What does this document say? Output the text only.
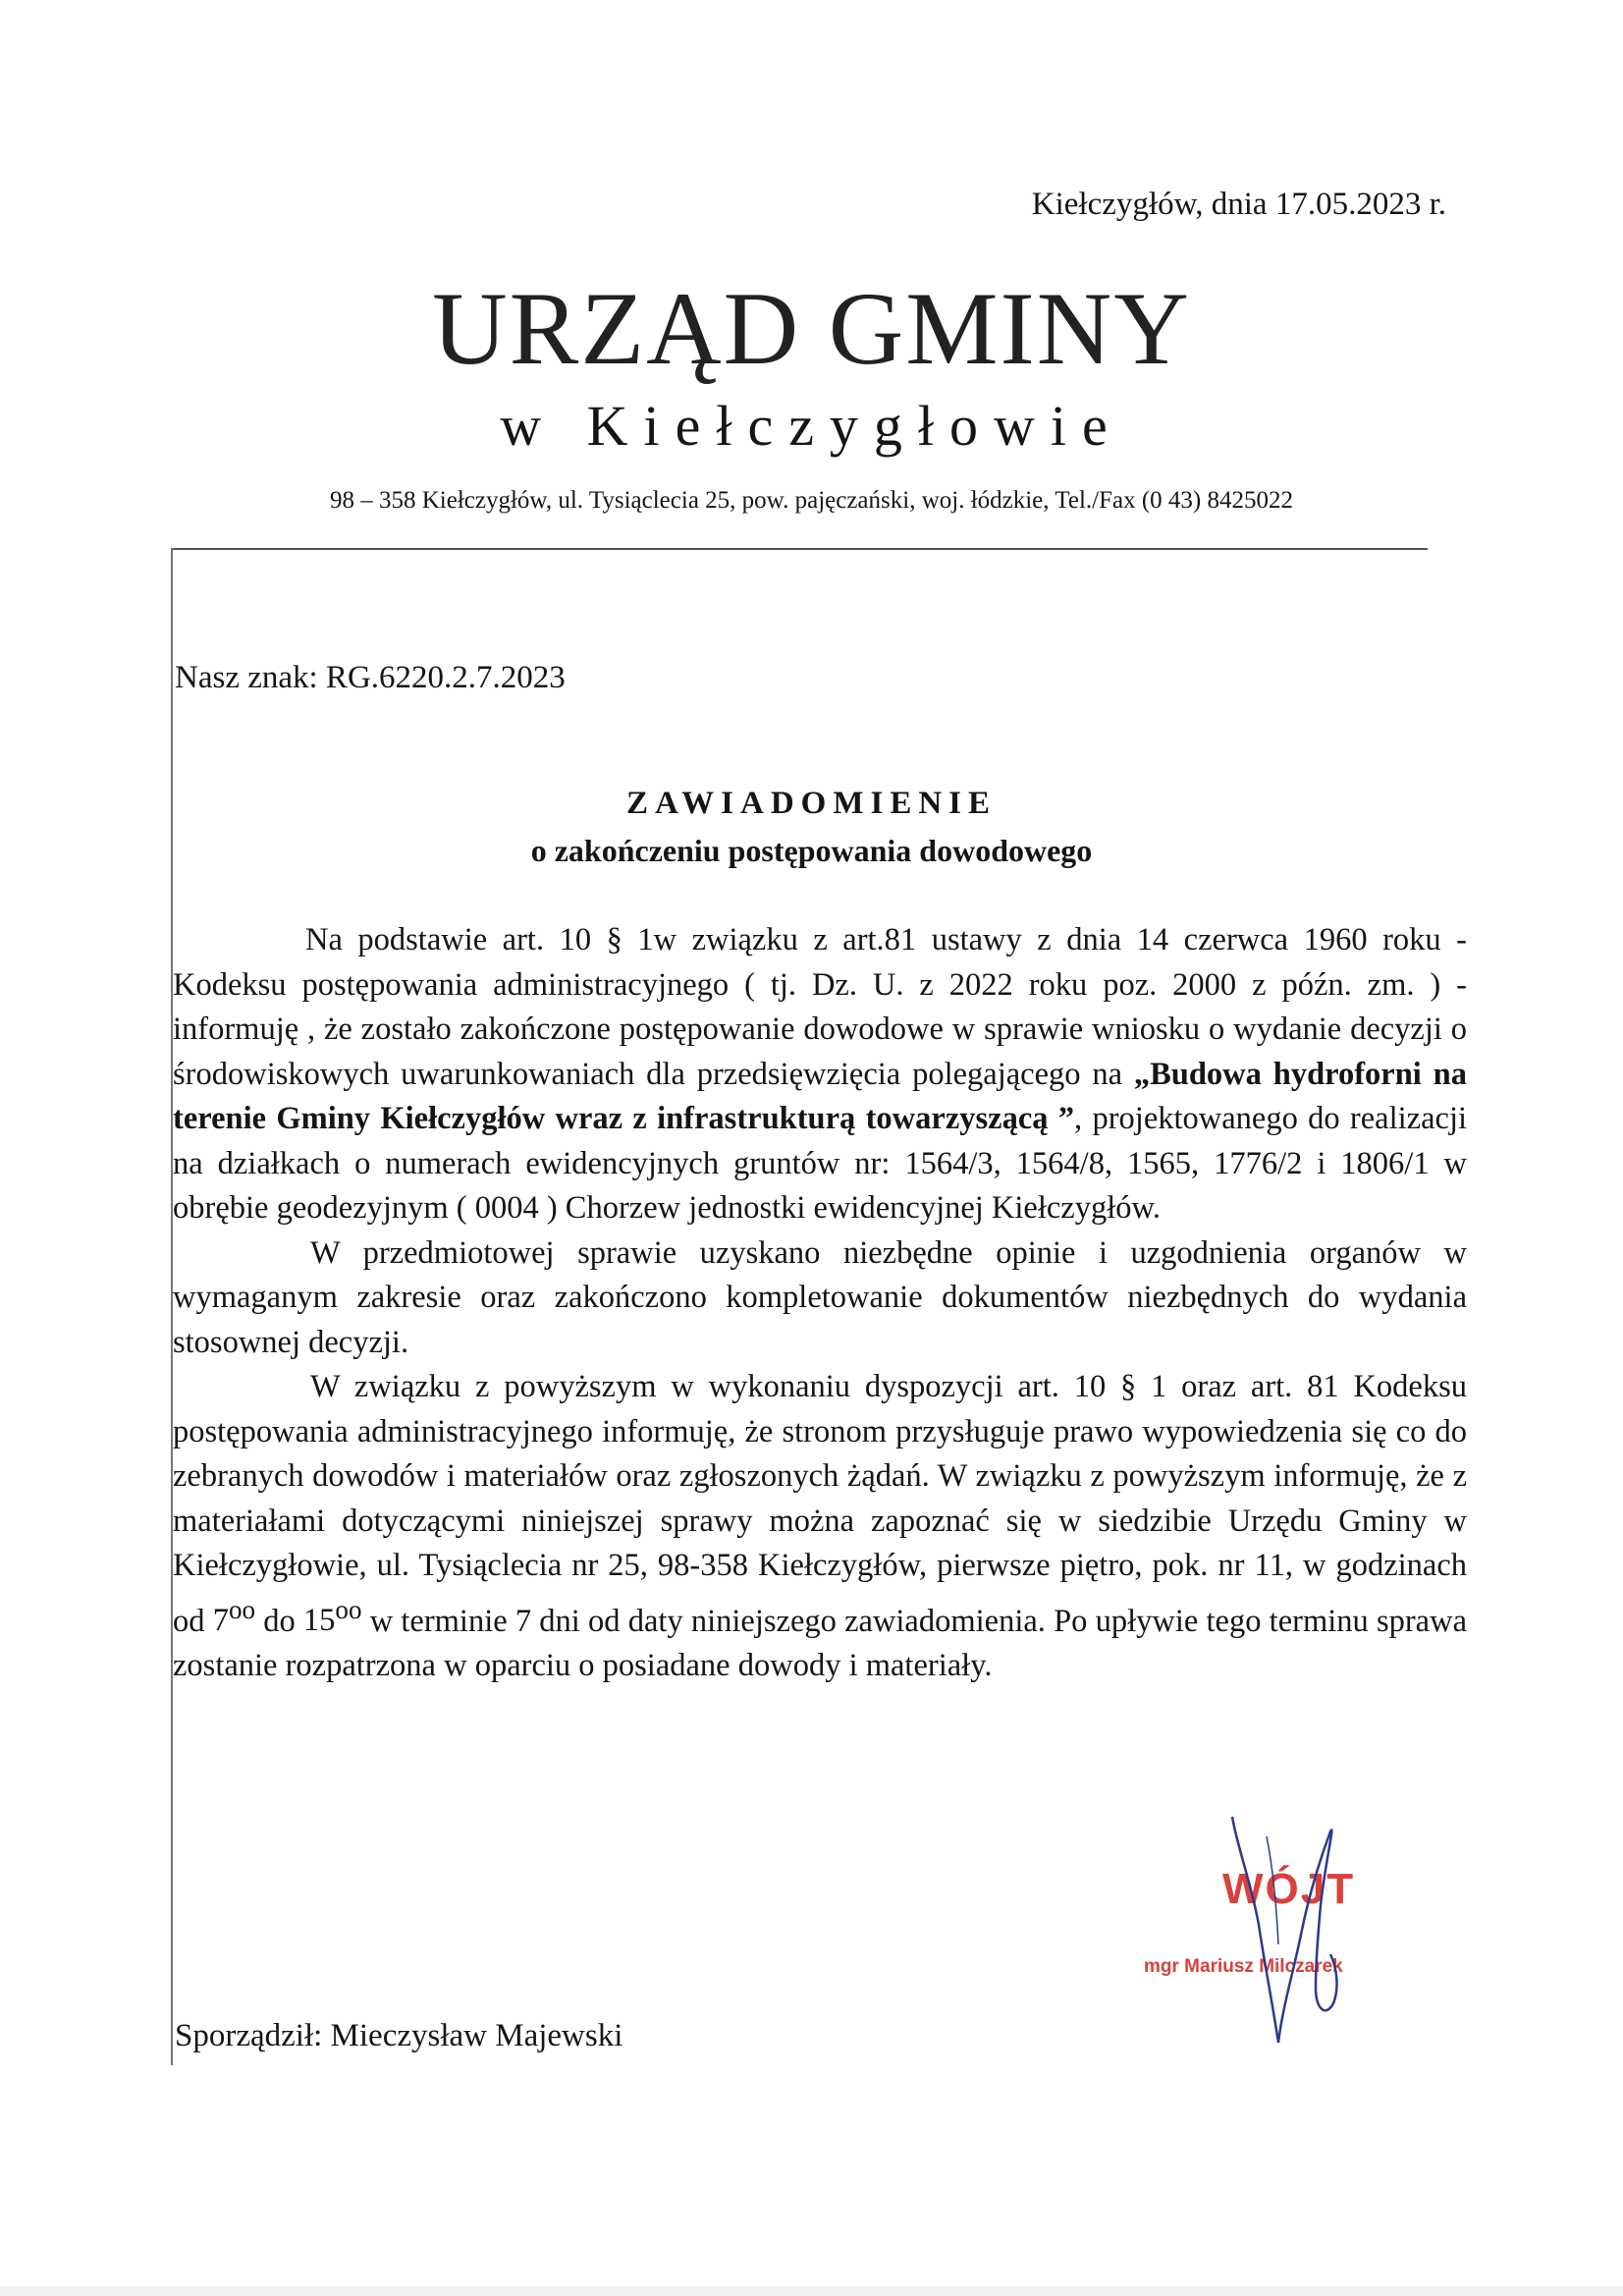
Kiełczygłów, dnia 17.05.2023 r.
URZĄD GMINY
w Kiełczygłowie
98 – 358 Kiełczygłów, ul. Tysiąclecia 25, pow. pajęczański, woj. łódzkie, Tel./Fax (0 43) 8425022
Nasz znak: RG.6220.2.7.2023
ZAWIADOMIENIE
o zakończeniu postępowania dowodowego

Na podstawie art. 10 § 1w związku z art.81 ustawy z dnia 14 czerwca 1960 roku - Kodeksu postępowania administracyjnego ( tj. Dz. U. z 2022 roku poz. 2000 z późn. zm. ) - informuję , że zostało zakończone postępowanie dowodowe w sprawie wniosku o wydanie decyzji o środowiskowych uwarunkowaniach dla przedsięwzięcia polegającego na „Budowa hydroforni na terenie Gminy Kiełczygłów wraz z infrastrukturą towarzyszącą ”, projektowanego do realizacji na działkach o numerach ewidencyjnych gruntów nr: 1564/3, 1564/8, 1565, 1776/2 i 1806/1 w obrębie geodezyjnym ( 0004 ) Chorzew jednostki ewidencyjnej Kiełczygłów.

W przedmiotowej sprawie uzyskano niezbędne opinie i uzgodnienia organów w wymaganym zakresie oraz zakończono kompletowanie dokumentów niezbędnych do wydania stosownej decyzji.

W związku z powyższym w wykonaniu dyspozycji art. 10 § 1 oraz art. 81 Kodeksu postępowania administracyjnego informuję, że stronom przysługuje prawo wypowiedzenia się co do zebranych dowodów i materiałów oraz zgłoszonych żądań. W związku z powyższym informuję, że z materiałami dotyczącymi niniejszej sprawy można zapoznać się w siedzibie Urzędu Gminy w Kiełczygłowie, ul. Tysiąclecia nr 25, 98-358 Kiełczygłów, pierwsze piętro, pok. nr 11, w godzinach od $7^{oo}$ do $15^{oo}$ w terminie 7 dni od daty niniejszego zawiadomienia. Po upływie tego terminu sprawa zostanie rozpatrzona w oparciu o posiadane dowody i materiały.

WÓJT
mgr Mariusz Milczarek
Sporządził: Mieczysław Majewski
